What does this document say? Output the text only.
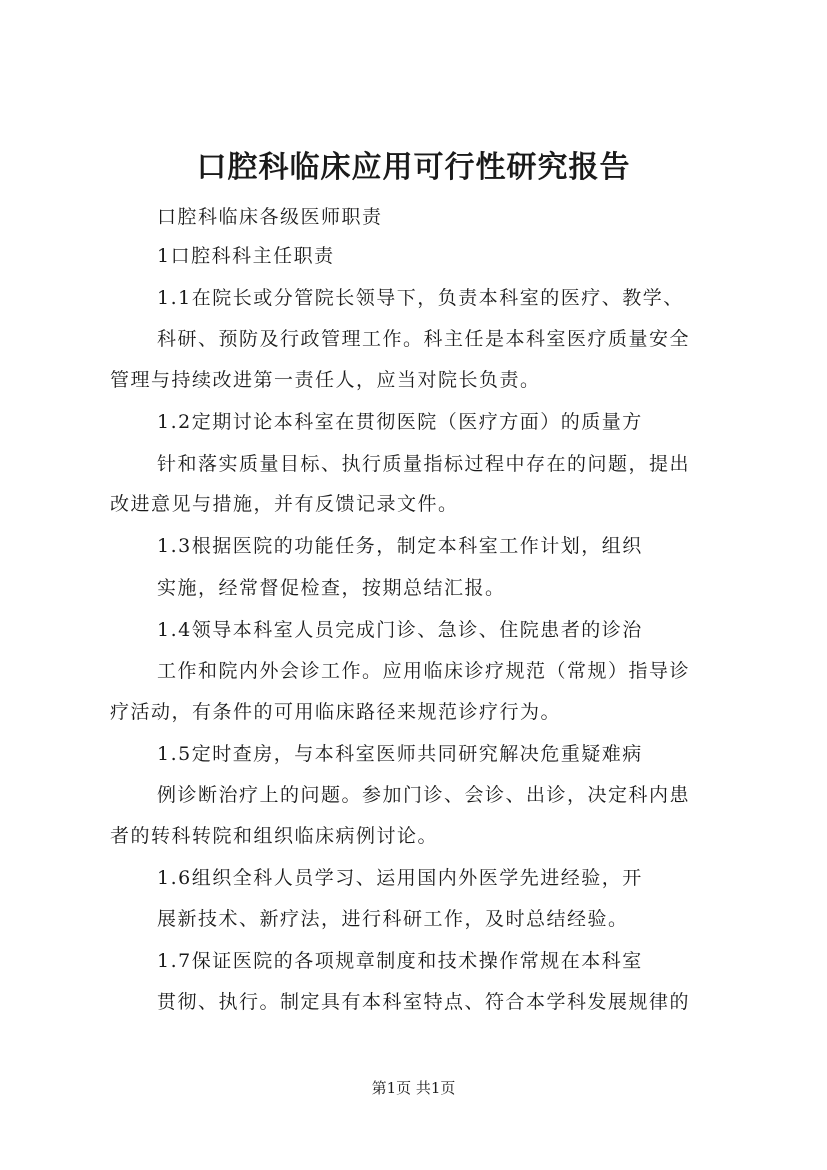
口腔科临床应用可行性研究报告
口腔科临床各级医师职责
1口腔科科主任职责
1.1在院长或分管院长领导下，负责本科室的医疗、教学、
科研、预防及行政管理工作。科主任是本科室医疗质量安全
管理与持续改进第一责任人，应当对院长负责。
1.2定期讨论本科室在贯彻医院（医疗方面）的质量方
针和落实质量目标、执行质量指标过程中存在的问题，提出
改进意见与措施，并有反馈记录文件。
1.3根据医院的功能任务，制定本科室工作计划，组织
实施，经常督促检查，按期总结汇报。
1.4领导本科室人员完成门诊、急诊、住院患者的诊治
工作和院内外会诊工作。应用临床诊疗规范（常规）指导诊
疗活动，有条件的可用临床路径来规范诊疗行为。
1.5定时查房，与本科室医师共同研究解决危重疑难病
例诊断治疗上的问题。参加门诊、会诊、出诊，决定科内患
者的转科转院和组织临床病例讨论。
1.6组织全科人员学习、运用国内外医学先进经验，开
展新技术、新疗法，进行科研工作，及时总结经验。
1.7保证医院的各项规章制度和技术操作常规在本科室
贯彻、执行。制定具有本科室特点、符合本学科发展规律的
第1页 共1页
